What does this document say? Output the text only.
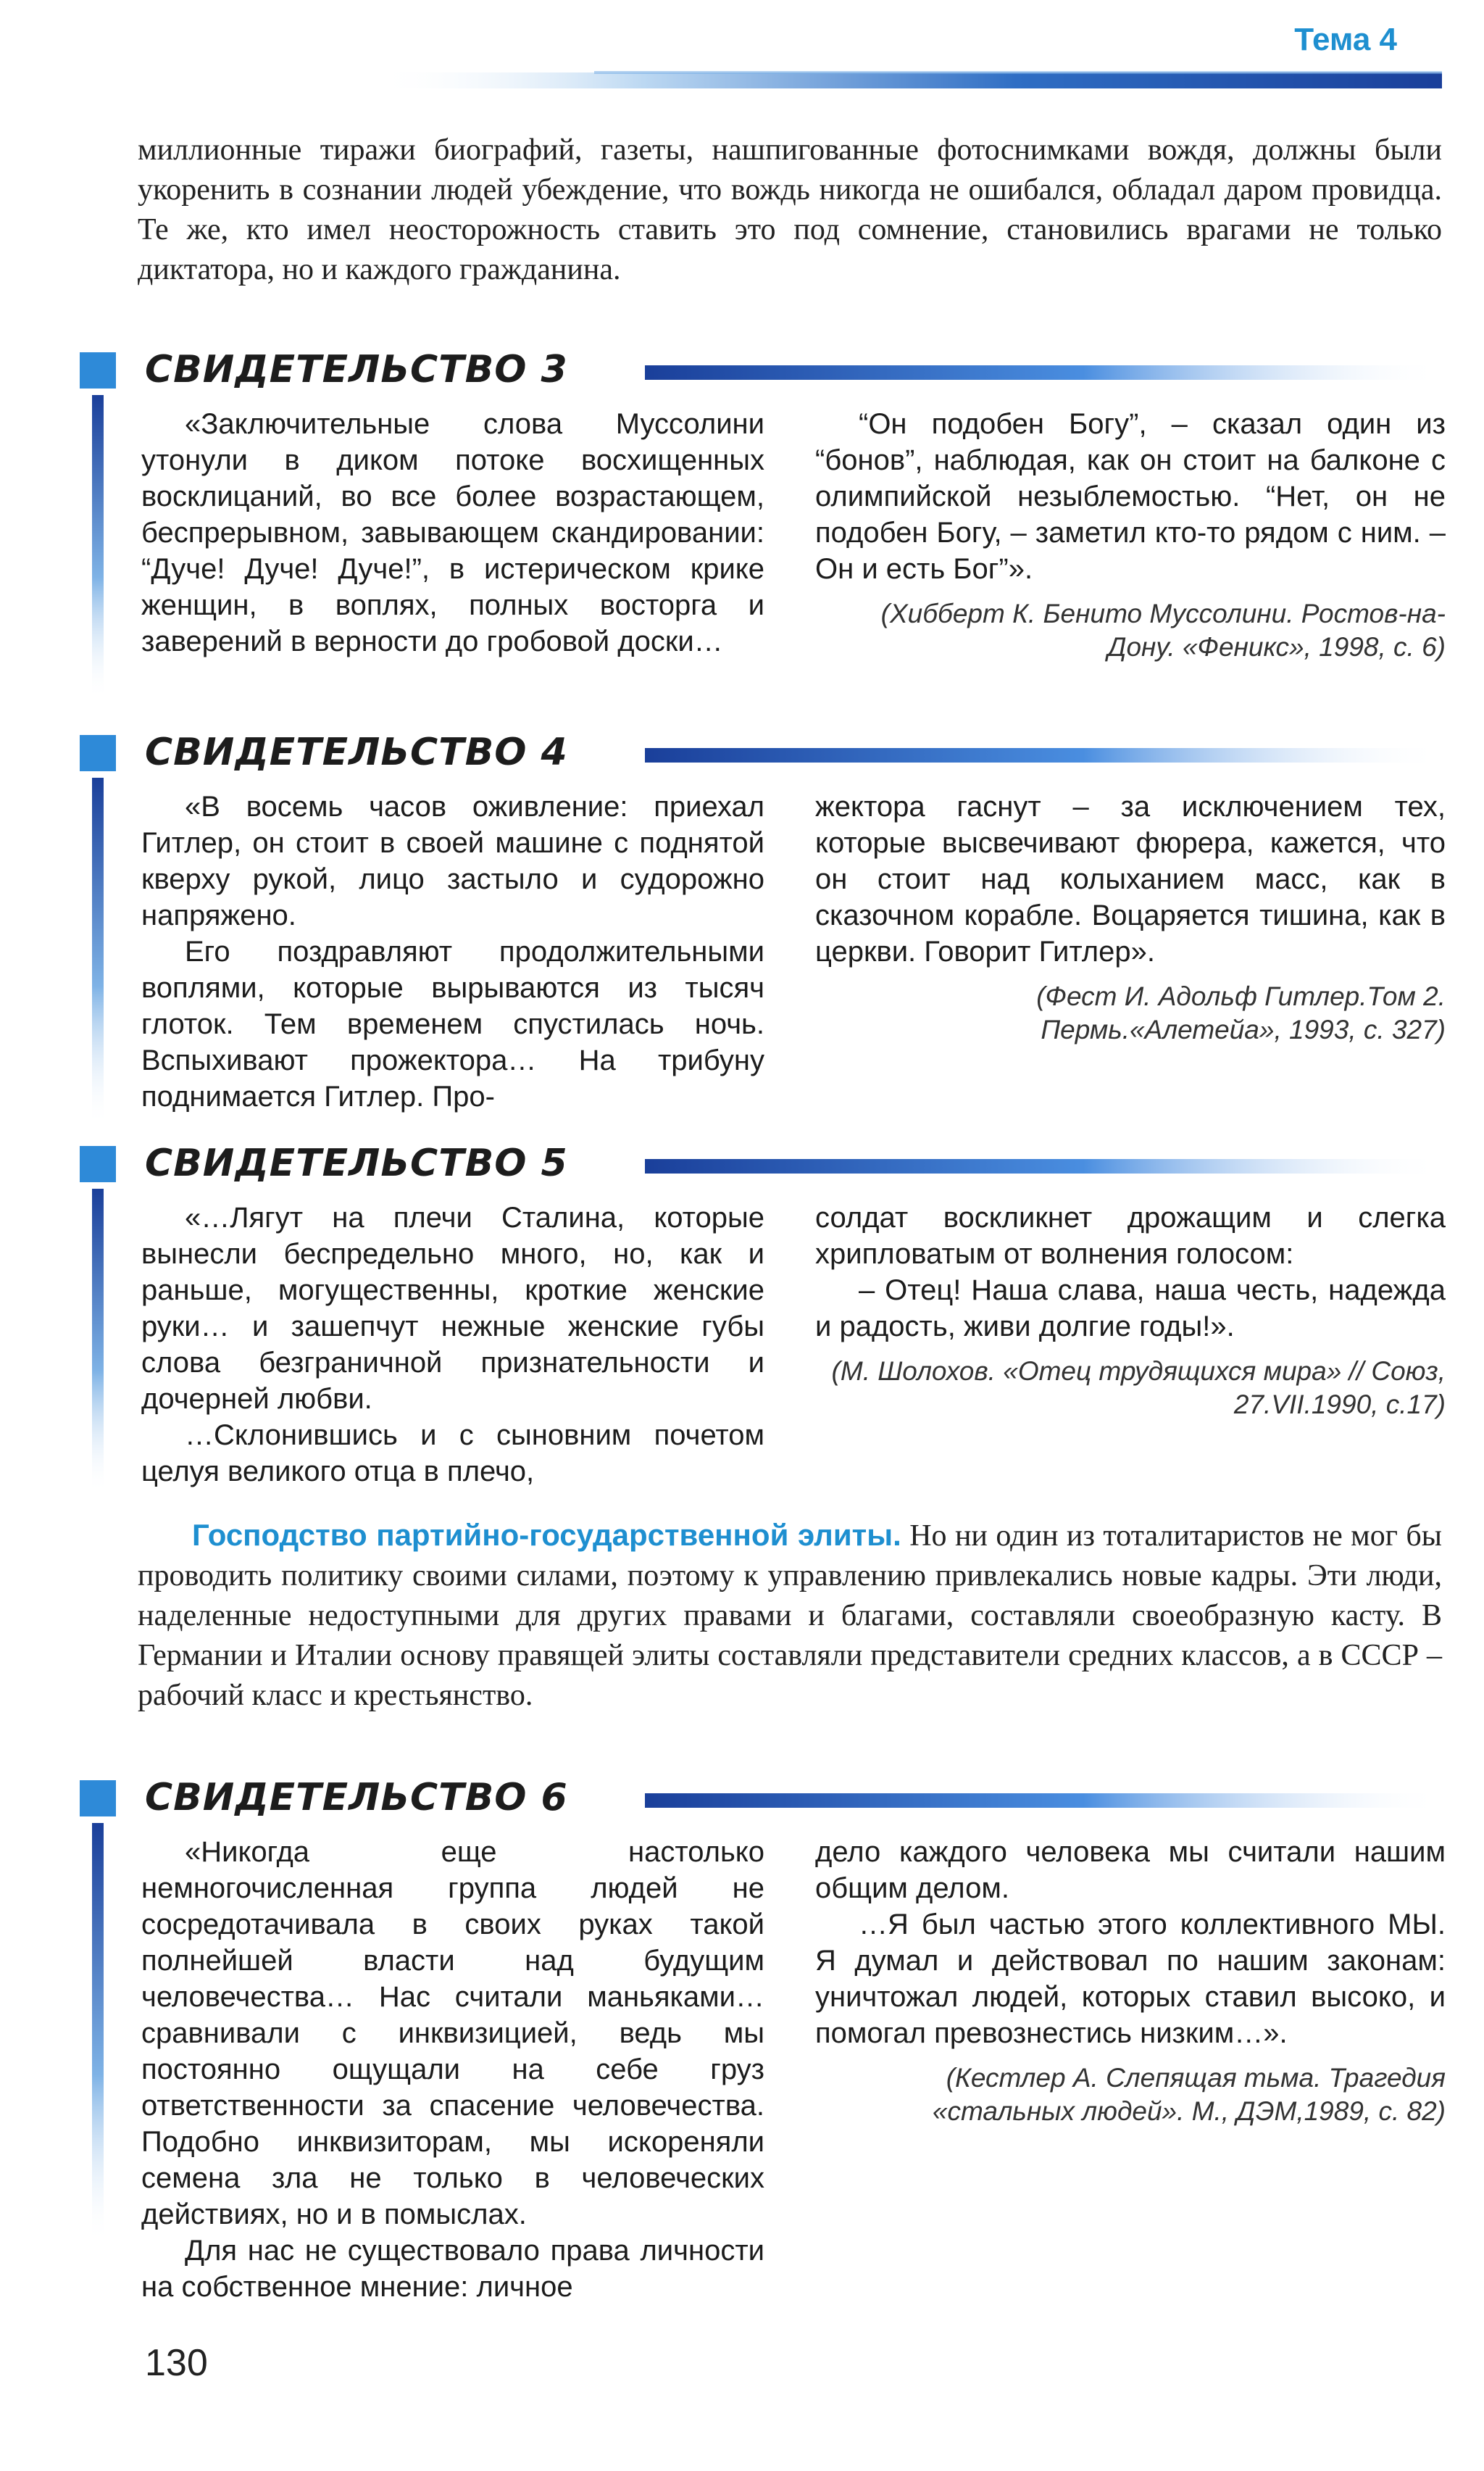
Тема 4

миллионные тиражи биографий, газеты, нашпигованные фотоснимками вождя, должны были укоренить в сознании людей убеждение, что вождь никогда не ошибался, обладал даром провидца. Те же, кто имел неосторожность ставить это под сомнение, становились врагами не только диктатора, но и каждого гражданина.

СВИДЕТЕЛЬСТВО 3

«Заключительные слова Муссолини утонули в диком потоке восхищенных восклицаний, во все более возрастающем, беспрерывном, завывающем скандировании: “Дуче! Дуче! Дуче!”, в истерическом крике женщин, в воплях, полных восторга и заверений в верности до гробовой доски…

“Он подобен Богу”, – сказал один из “бонов”, наблюдая, как он стоит на балконе с олимпийской незыблемостью. “Нет, он не подобен Богу, – заметил кто-то рядом с ним. – Он и есть Бог”».

(Хибберт К. Бенито Муссолини. Ростов-на-Дону. «Феникс», 1998, с. 6)

СВИДЕТЕЛЬСТВО 4

«В восемь часов оживление: приехал Гитлер, он стоит в своей машине с поднятой кверху рукой, лицо застыло и судорожно напряжено.

Его поздравляют продолжительными воплями, которые вырываются из тысяч глоток. Тем временем спустилась ночь. Вспыхивают прожектора… На трибуну поднимается Гитлер. Про-

жектора гаснут – за исключением тех, которые высвечивают фюрера, кажется, что он стоит над колыханием масс, как в сказочном корабле. Воцаряется тишина, как в церкви. Говорит Гитлер».

(Фест И. Адольф Гитлер.Том 2. Пермь.«Алетейа», 1993, с. 327)

СВИДЕТЕЛЬСТВО 5

«…Лягут на плечи Сталина, которые вынесли беспредельно много, но, как и раньше, могущественны, кроткие женские руки… и зашепчут нежные женские губы слова безграничной признательности и дочерней любви.

…Склонившись и с сыновним почетом целуя великого отца в плечо,

солдат воскликнет дрожащим и слегка хрипловатым от волнения голосом:

– Отец! Наша слава, наша честь, надежда и радость, живи долгие годы!».

(М. Шолохов. «Отец трудящихся мира» // Союз, 27.VII.1990, с.17)

Господство партийно-государственной элиты. Но ни один из тоталитаристов не мог бы проводить политику своими силами, поэтому к управлению привлекались новые кадры. Эти люди, наделенные недоступными для других правами и благами, составляли своеобразную касту. В Германии и Италии основу правящей элиты составляли представители средних классов, а в СССР – рабочий класс и крестьянство.

СВИДЕТЕЛЬСТВО 6

«Никогда еще настолько немногочисленная группа людей не сосредотачивала в своих руках такой полнейшей власти над будущим человечества… Нас считали маньяками… сравнивали с инквизицией, ведь мы постоянно ощущали на себе груз ответственности за спасение человечества. Подобно инквизиторам, мы искореняли семена зла не только в человеческих действиях, но и в помыслах.

Для нас не существовало права личности на собственное мнение: личное

дело каждого человека мы считали нашим общим делом.

…Я был частью этого коллективного МЫ. Я думал и действовал по нашим законам: уничтожал людей, которых ставил высоко, и помогал превознестись низким…».

(Кестлер А. Слепящая тьма. Трагедия «стальных людей». М., ДЭМ,1989, с. 82)

130
